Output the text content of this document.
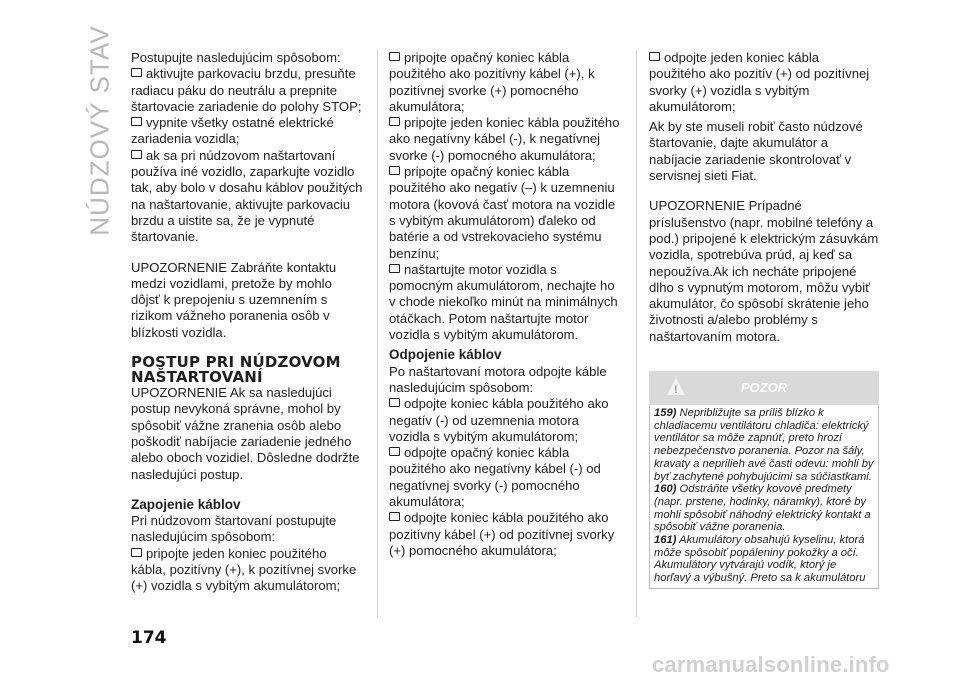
NÚDZOVÝ STAV Postupujte nasledujúcim spôsobom:

aktivujte parkovaciu brzdu, presuňte radiacu páku do neutrálu a prepnite štartovacie zariadenie do polohy STOP;

vypnite všetky ostatné elektrické zariadenia vozidla;

ak sa pri núdzovom naštartovaní používa iné vozidlo, zaparkujte vozidlo tak, aby bolo v dosahu káblov použitých na naštartovanie, aktivujte parkovaciu brzdu a uistite sa, že je vypnuté štartovanie.

UPOZORNENIE Zabráňte kontaktu medzi vozidlami, pretože by mohlo dôjsť k prepojeniu s uzemnením s rizikom vážneho poranenia osôb v blízkosti vozidla.

POSTUP PRI NÚDZOVOM
NAŠTARTOVANÍ

UPOZORNENIE Ak sa nasledujúci postup nevykoná správne, mohol by spôsobiť vážne zranenia osôb alebo poškodiť nabíjacie zariadenie jedného alebo oboch vozidiel. Dôsledne dodržte nasledujúci postup.

Zapojenie káblov

Pri núdzovom štartovaní postupujte nasledujúcim spôsobom:

pripojte jeden koniec použitého kábla, pozitívny (+), k pozitívnej svorke (+) vozidla s vybitým akumulátorom;

pripojte opačný koniec kábla použitého ako pozitívny kábel (+), k pozitívnej svorke (+) pomocného akumulátora;

pripojte jeden koniec kábla použitého ako negatívny kábel (-), k negatívnej svorke (-) pomocného akumulátora;

pripojte opačný koniec kábla použitého ako negatív (–) k uzemneniu motora (kovová časť motora na vozidle s vybitým akumulátorom) ďaleko od batérie a od vstrekovacieho systému benzínu;

naštartujte motor vozidla s pomocným akumulátorom, nechajte ho v chode niekoľko minút na minimálnych otáčkach. Potom naštartujte motor vozidla s vybitým akumulátorom.

Odpojenie káblov

Po naštartovaní motora odpojte káble nasledujúcim spôsobom:

odpojte koniec kábla použitého ako negatív (-) od uzemnenia motora vozidla s vybitým akumulátorom;

odpojte opačný koniec kábla použitého ako negatívny kábel (-) od negatívnej svorky (-) pomocného akumulátora;

odpojte koniec kábla použitého ako pozitívny kábel (+) od pozitívnej svorky (+) pomocného akumulátora;

odpojte jeden koniec kábla použitého ako pozitív (+) od pozitívnej svorky (+) vozidla s vybitým akumulátorom;

Ak by ste museli robiť často núdzové štartovanie, dajte akumulátor a nabíjacie zariadenie skontrolovať v servisnej sieti Fiat.

UPOZORNENIE Prípadné príslušenstvo (napr. mobilné telefóny a pod.) pripojené k elektrickým zásuvkám vozidla, spotrebúva prúd, aj keď sa nepoužíva.Ak ich necháte pripojené dlho s vypnutým motorom, môžu vybiť akumulátor, čo spôsobí skrátenie jeho životnosti a/alebo problémy s naštartovaním motora.

!	POZOR

159) Nepribližujte sa príliš blízko k chladiacemu ventilátoru chladiča: elektrický ventilátor sa môže zapnúť, preto hrozí nebezpečenstvo poranenia. Pozor na šály, kravaty a neprilieh avé časti odevu: mohli by byť zachytené pohybujúcimi sa súčiastkami.

160) Odstráňte všetky kovové predmety (napr. prstene, hodinky, náramky), ktoré by mohli spôsobiť náhodný elektrický kontakt a spôsobiť vážne poranenia.

161) Akumulátory obsahujú kyselinu, ktorá môže spôsobiť popáleniny pokožky a očí. Akumulátory vytvárajú vodík, ktorý je horľavý a výbušný. Preto sa k akumulátoru

174
carmanualsonline.info
